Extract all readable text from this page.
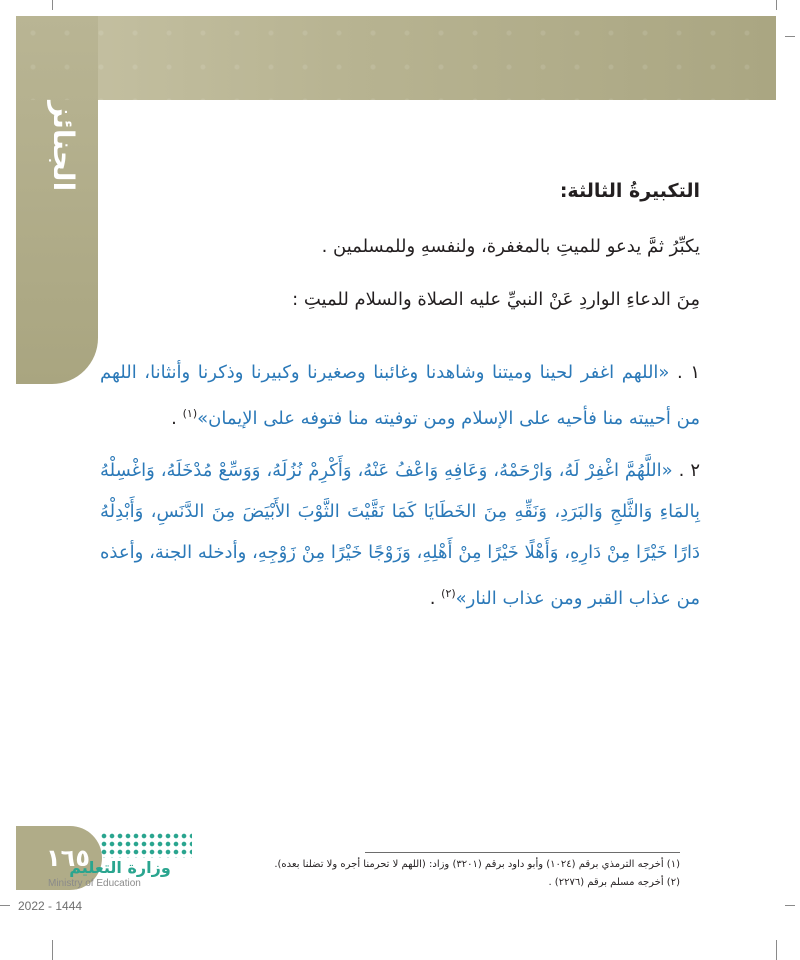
الجنائز	التكبيرةُ الثالثة:
يكبِّرُ ثمَّ يدعو للميتِ بالمغفرة، ولنفسهِ وللمسلمين .
مِنَ الدعاءِ الواردِ عَنْ النبيِّ عليه الصلاة والسلام للميتِ :
١ . «اللهم اغفر لحينا وميتنا وشاهدنا وغائبنا وصغيرنا وكبيرنا وذكرنا وأنثانا، اللهم من أحييته منا فأحيه على الإسلام ومن توفيته منا فتوفه على الإيمان»$^{(١)}$ .
٢ . «اللَّهُمَّ اغْفِرْ لَهُ، وَارْحَمْهُ، وَعَافِهِ وَاعْفُ عَنْهُ، وَأَكْرِمْ نُزُلَهُ، وَوَسِّعْ مُدْخَلَهُ، وَاغْسِلْهُ بِالمَاءِ وَالثَّلجِ وَالبَرَدِ، وَنَقِّهِ مِنَ الخَطَايَا كَمَا نَقَّيْتَ الثَّوْبَ الأَبْيَضَ مِنَ الدَّنَسِ، وَأَبْدِلْهُ دَارًا خَيْرًا مِنْ دَارِهِ، وَأَهْلًا خَيْرًا مِنْ أَهْلِهِ، وَزَوْجًا خَيْرًا مِنْ زَوْجِهِ، وأدخله الجنة، وأعذه من عذاب القبر ومن عذاب النار»$^{(٢)}$ .
(١) أخرجه الترمذي برقم (١٠٢٤) وأبو داود برقم (٣٢٠١) وزاد: (اللهم لا تحرمنا أجره ولا تضلنا بعده).
(٢) أخرجه مسلم برقم (٢٢٧٦) .
١٦٥
وزارة التعليم
Ministry of Education
2022 - 1444
